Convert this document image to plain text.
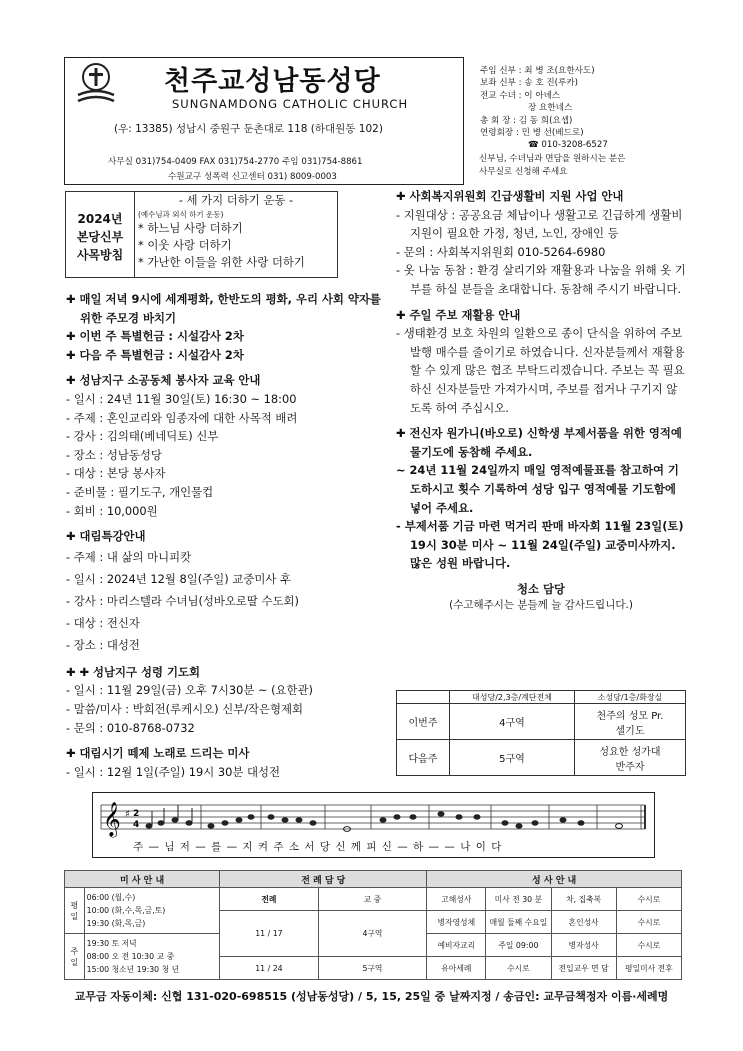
천주교성남동성당
SUNGNAMDONG CATHOLIC CHURCH
(우: 13385) 성남시 중원구 둔촌대로 118 (하대원동 102)
사무실 031)754-0409 FAX 031)754-2770 주임 031)754-8861
수원교구 성폭력 신고센터 031) 8009-0003
주임 신부 : 최 병 조(요한사도)
보좌 신부 : 송 호 진(루카)
전교 수녀 : 이 아녜스
장 요한네스
총 회 장 : 김 동 희(요셉)
연령회장 : 민 병 선(베드로)
☎ 010-3208-6527
신부님, 수녀님과 면담을 원하시는 분은
사무실로 신청해 주세요
2024년
본당신부
사목방침
- 세 가지 더하기 운동 -
(예수님과 외식 하기 운동)
* 하느님 사랑 더하기
* 이웃 사랑 더하기
* 가난한 이들을 위한 사랑 더하기
✚ 매일 저녁 9시에 세계평화, 한반도의 평화, 우리 사회 약자를 위한 주모경 바치기
✚ 이번 주 특별헌금 : 시설감사 2차
✚ 다음 주 특별헌금 : 시설감사 2차
✚ 성남지구 소공동체 봉사자 교육 안내
- 일시 : 24년 11월 30일(토) 16:30 ~ 18:00
- 주제 : 혼인교리와 임종자에 대한 사목적 배려
- 강사 : 김의태(베네딕토) 신부
- 장소 : 성남동성당
- 대상 : 본당 봉사자
- 준비물 : 필기도구, 개인물컵
- 회비 : 10,000원
✚ 대림특강안내
- 주제 : 내 삶의 마니피캇
- 일시 : 2024년 12월 8일(주일) 교중미사 후
- 강사 : 마리스텔라 수녀님(성바오로딸 수도회)
- 대상 : 전신자
- 장소 : 대성전
✚ ✚ 성남지구 성령 기도회
- 일시 : 11월 29일(금) 오후 7시30분 ~ (요한관)
- 말씀/미사 : 박희전(루케시오) 신부/작은형제회
- 문의 : 010-8768-0732
✚ 대림시기 떼제 노래로 드리는 미사
- 일시 : 12월 1일(주일) 19시 30분 대성전
✚ 사회복지위원회 긴급생활비 지원 사업 안내
- 지원대상 : 공공요금 체납이나 생활고로 긴급하게 생활비 지원이 필요한 가정, 청년, 노인, 장애인 등
- 문의 : 사회복지위원회 010-5264-6980
- 옷 나눔 동참 : 환경 살리기와 재활용과 나눔을 위해 옷 기부를 하실 분들을 초대합니다. 동참해 주시기 바랍니다.
✚ 주일 주보 재활용 안내
- 생태환경 보호 차원의 일환으로 종이 단식을 위하여 주보 발행 매수를 줄이기로 하였습니다. 신자분들께서 재활용 할 수 있게 많은 협조 부탁드리겠습니다. 주보는 꼭 필요하신 신자분들만 가져가시며, 주보를 접거나 구기지 않도록 하여 주십시오.
✚ 전신자 원가니(바오로) 신학생 부제서품을 위한 영적예물기도에 동참해 주세요.
~ 24년 11월 24일까지 매일 영적예물표를 참고하여 기도하시고 횟수 기록하여 성당 입구 영적예물 기도함에 넣어 주세요.
- 부제서품 기금 마련 먹거리 판매 바자회 11월 23일(토) 19시 30분 미사 ~ 11월 24일(주일) 교중미사까지. 많은 성원 바랍니다.
청소 담당
(수고해주시는 분들께 늘 감사드립니다.)
	대성당/2,3층/계단전체	소성당/1층/화장실
이번주	4구역	천주의 성모 Pr.
셀기도

다음주	5구역	성요한 성가대
반주자
𝄞 ♯ 2
4
주 — 님 저 — 를 — 지 켜 주 소 서 당 신 께 피 신 — 하 — — 나 이 다
미 사 안 내		전 례 담 당		성 사 안 내			
평일	06:00 (월,수)
10:00 (화,수,목,금,토)
19:30 (화,목,금)	전례	교 중	고해성사	미사 전 30 분	차, 집축복	수시로
		11 / 17	4구역	병자영성체	매월 둘째 수요일	혼인성사	수시로
주일	19:30 토 저녁
08:00 오 전 10:30 교 중
15:00 청소년 19:30 청 년			예비자교리	주일 09:00	병자성사	수시로
		11 / 24	5구역	유아세례	수시로	전입교우 면 담	평일미사 전후
교무금 자동이체: 신협 131-020-698515 (성남동성당) / 5, 15, 25일 중 날짜지정 / 송금인: 교무금책정자 이름·세례명
